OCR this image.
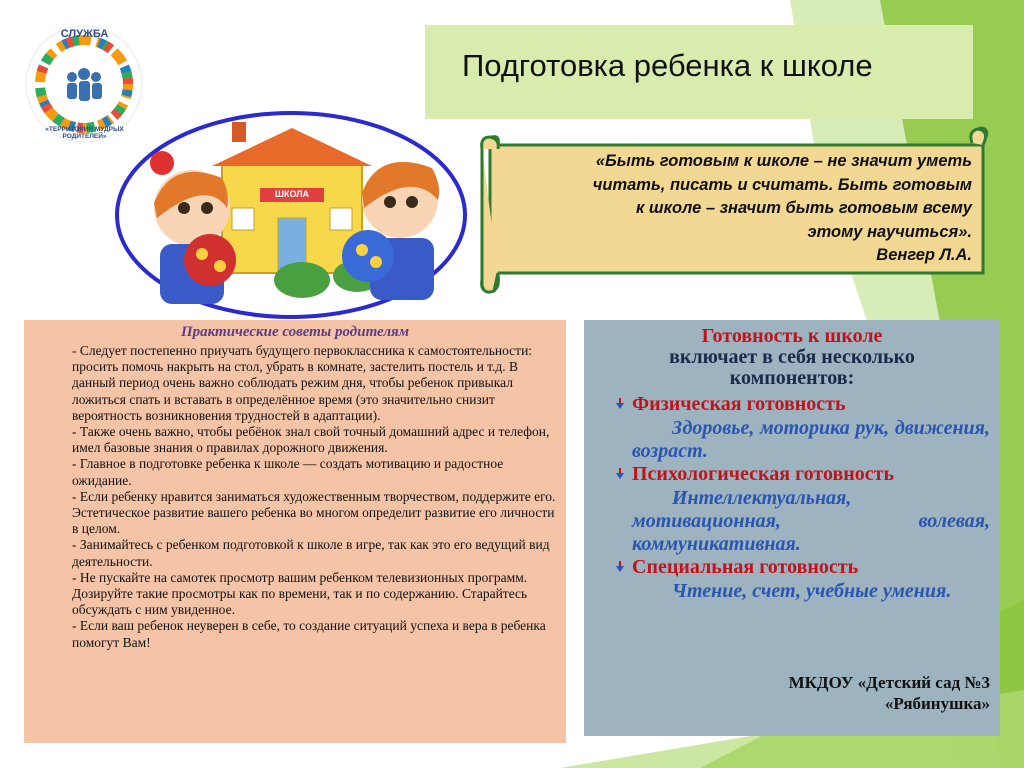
СЛУЖБА
«ТЕРРИТОРИЯ МУДРЫХ РОДИТЕЛЕЙ»
ШКОЛА
Подготовка ребенка к школе
«Быть готовым к школе – не значит уметь
читать, писать и считать. Быть готовым
к школе – значит быть готовым всему
этому научиться».
Венгер Л.А.
Практические советы родителям

- Следует постепенно приучать будущего первоклассника к самостоятельности: просить помочь накрыть на стол, убрать в комнате, застелить постель и т.д. В данный период очень важно соблюдать режим дня, чтобы ребенок привыкал ложиться спать и вставать в определённое время (это значительно снизит вероятность возникновения трудностей в адаптации).

- Также очень важно, чтобы ребёнок знал свой точный домашний адрес и телефон, имел базовые знания о правилах дорожного движения.

- Главное в подготовке ребенка к школе — создать мотивацию и радостное ожидание.

- Если ребенку нравится заниматься художественным творчеством, поддержите его. Эстетическое развитие вашего ребенка во многом определит развитие его личности в целом.

- Занимайтесь с ребенком подготовкой к школе в игре, так как это его ведущий вид деятельности.

- Не пускайте на самотек просмотр вашим ребенком телевизионных программ. Дозируйте такие просмотры как по времени, так и по содержанию. Старайтесь обсуждать с ним увиденное.

- Если ваш ребенок неуверен в себе, то создание ситуаций успеха и вера в ребенка помогут Вам!

Готовность к школе
включает в себя несколько
компонентов:
Физическая готовность
Здоровье, моторика рук, движения, возраст.
Психологическая готовность
Интеллектуальная, мотивационная, волевая, коммуникативная.
Специальная готовность
Чтение, счет, учебные умения.
МКДОУ «Детский сад №3
«Рябинушка»
